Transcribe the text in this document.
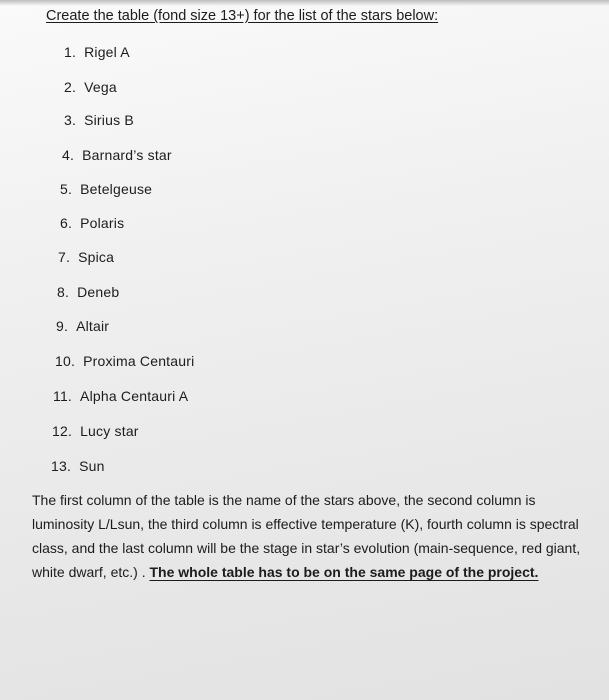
Create the table (fond size 13+) for the list of the stars below:

1. Rigel A
2. Vega
3. Sirius B
4. Barnard’s star
5. Betelgeuse
6. Polaris
7. Spica
8. Deneb
9. Altair
10. Proxima Centauri
11. Alpha Centauri A
12. Lucy star
13. Sun

The first column of the table is the name of the stars above, the second column is luminosity L/Lsun, the third column is effective temperature (K), fourth column is spectral class, and the last column will be the stage in star’s evolution (main-sequence, red giant, white dwarf, etc.) . The whole table has to be on the same page of the project.
